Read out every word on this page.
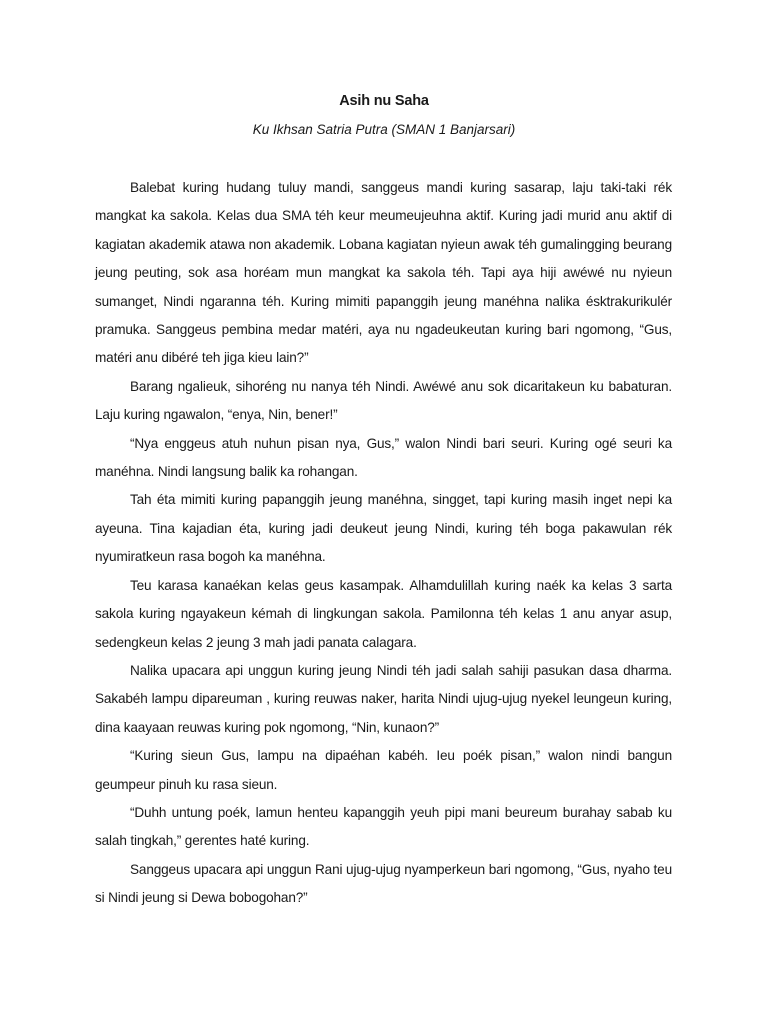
Asih nu Saha
Ku Ikhsan Satria Putra (SMAN 1 Banjarsari)

Balebat kuring hudang tuluy mandi, sanggeus mandi kuring sasarap, laju taki-taki rék mangkat ka sakola. Kelas dua SMA téh keur meumeujeuhna aktif. Kuring jadi murid anu aktif di kagiatan akademik atawa non akademik. Lobana kagiatan nyieun awak téh gumalingging beurang jeung peuting, sok asa horéam mun mangkat ka sakola téh. Tapi aya hiji awéwé nu nyieun sumanget, Nindi ngaranna téh. Kuring mimiti papanggih jeung manéhna nalika ésktrakurikulér pramuka. Sanggeus pembina medar matéri, aya nu ngadeukeutan kuring bari ngomong, “Gus, matéri anu dibéré teh jiga kieu lain?”

Barang ngalieuk, sihoréng nu nanya téh Nindi. Awéwé anu sok dicaritakeun ku babaturan. Laju kuring ngawalon, “enya, Nin, bener!”

“Nya enggeus atuh nuhun pisan nya, Gus,” walon Nindi bari seuri. Kuring ogé seuri ka manéhna. Nindi langsung balik ka rohangan.

Tah éta mimiti kuring papanggih jeung manéhna, singget, tapi kuring masih inget nepi ka ayeuna. Tina kajadian éta, kuring jadi deukeut jeung Nindi, kuring téh boga pakawulan rék nyumiratkeun rasa bogoh ka manéhna.

Teu karasa kanaékan kelas geus kasampak. Alhamdulillah kuring naék ka kelas 3 sarta sakola kuring ngayakeun kémah di lingkungan sakola. Pamilonna téh kelas 1 anu anyar asup, sedengkeun kelas 2 jeung 3 mah jadi panata calagara.

Nalika upacara api unggun kuring jeung Nindi téh jadi salah sahiji pasukan dasa dharma. Sakabéh lampu dipareuman , kuring reuwas naker, harita Nindi ujug-ujug nyekel leungeun kuring, dina kaayaan reuwas kuring pok ngomong, “Nin, kunaon?”

“Kuring sieun Gus, lampu na dipaéhan kabéh. Ieu poék pisan,” walon nindi bangun geumpeur pinuh ku rasa sieun.

“Duhh untung poék, lamun henteu kapanggih yeuh pipi mani beureum burahay sabab ku salah tingkah,” gerentes haté kuring.

Sanggeus upacara api unggun Rani ujug-ujug nyamperkeun bari ngomong, “Gus, nyaho teu si Nindi jeung si Dewa bobogohan?”
